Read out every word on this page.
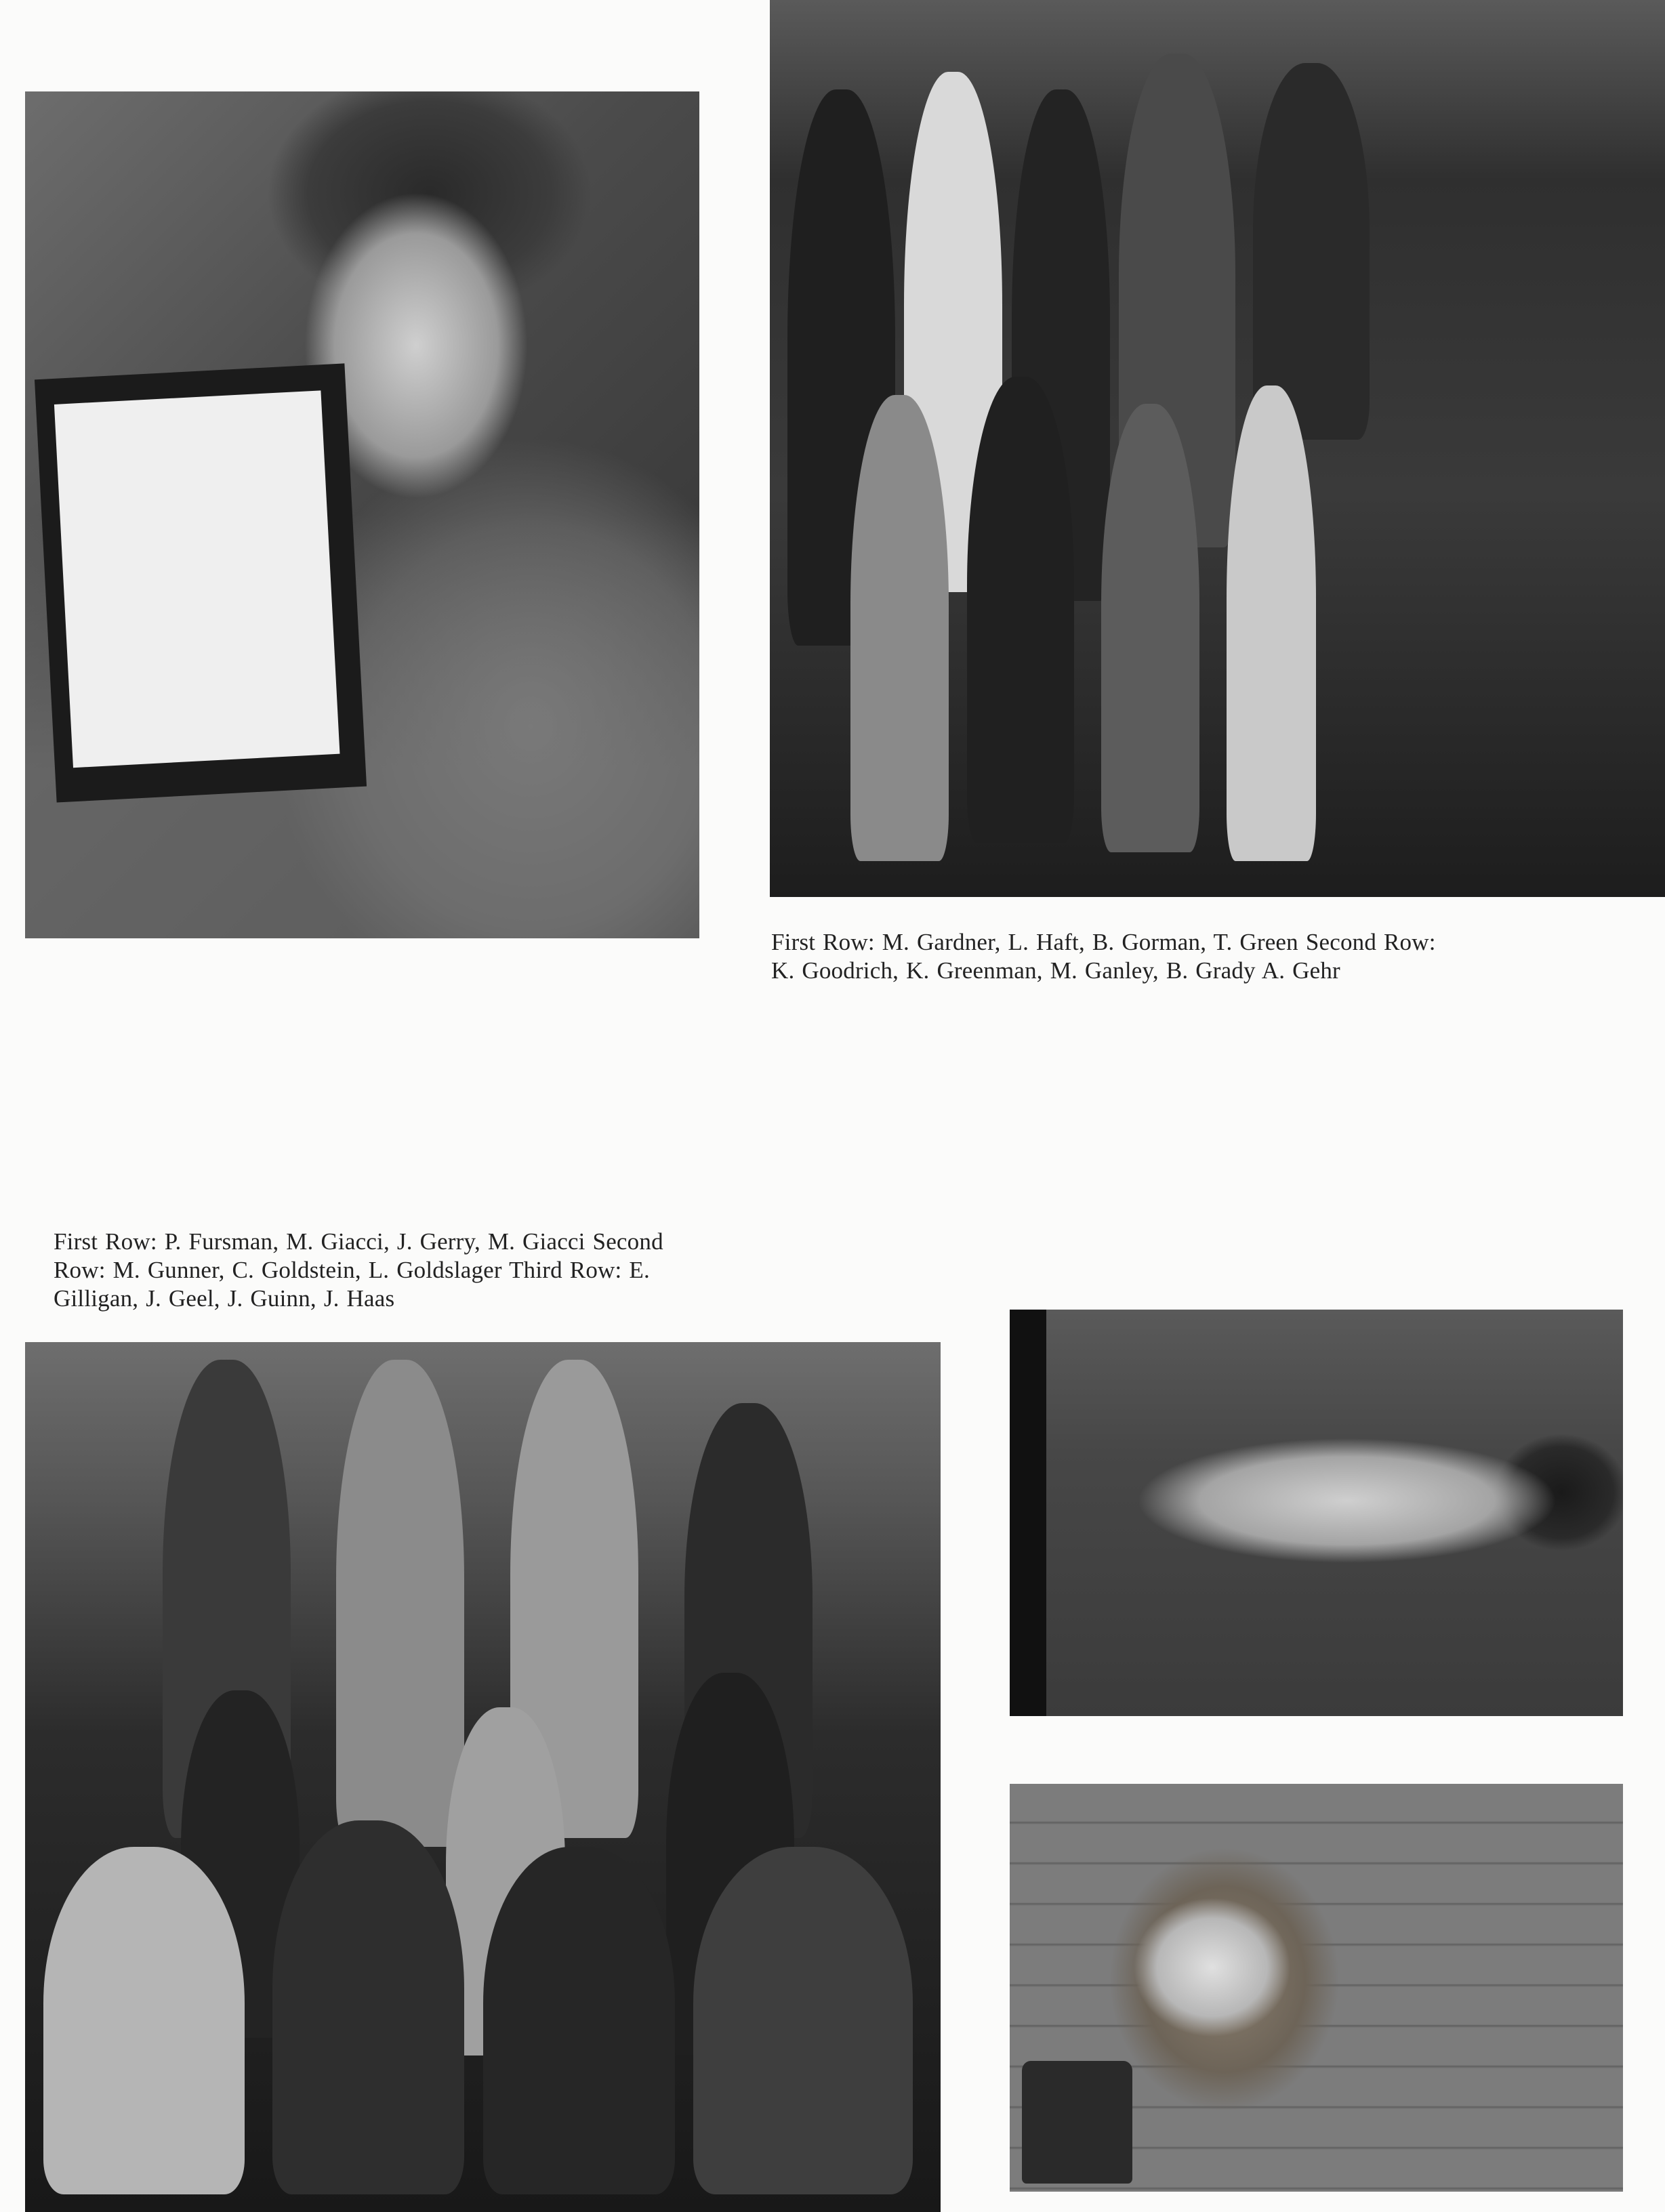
First Row: M. Gardner, L. Haft, B. Gorman, T. Green Second Row:
K. Goodrich, K. Greenman, M. Ganley, B. Grady A. Gehr

First Row: P. Fursman, M. Giacci, J. Gerry, M. Giacci Second
Row: M. Gunner, C. Goldstein, L. Goldslager Third Row: E.
Gilligan, J. Geel, J. Guinn, J. Haas
